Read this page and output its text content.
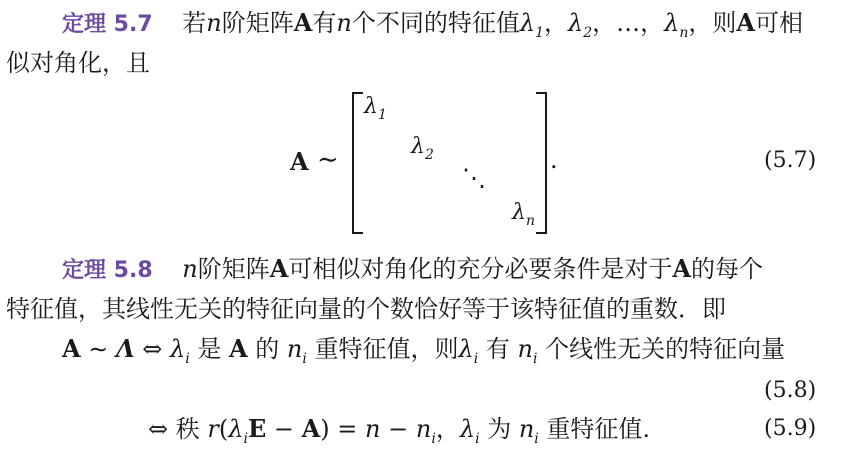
定理 5.7 若n阶矩阵A有n个不同的特征值$\lambda_1$，$\lambda_2$，…，$\lambda_n$，则A可相
似对角化，且
A ∼
$\lambda_1$
$\lambda_2$
⋱
$\lambda_n$
.	(5.7)
定理 5.8 n阶矩阵A可相似对角化的充分必要条件是对于A的每个
特征值，其线性无关的特征向量的个数恰好等于该特征值的重数．即
A ∼ Λ ⇔ $\lambda_i$ 是 A 的 $n_i$ 重特征值，则$\lambda_i$ 有 $n_i$ 个线性无关的特征向量
(5.8)
⇔ 秩 $r(\lambda_iE - A) = n - n_i$，$\lambda_i$ 为 $n_i$ 重特征值.	(5.9)
